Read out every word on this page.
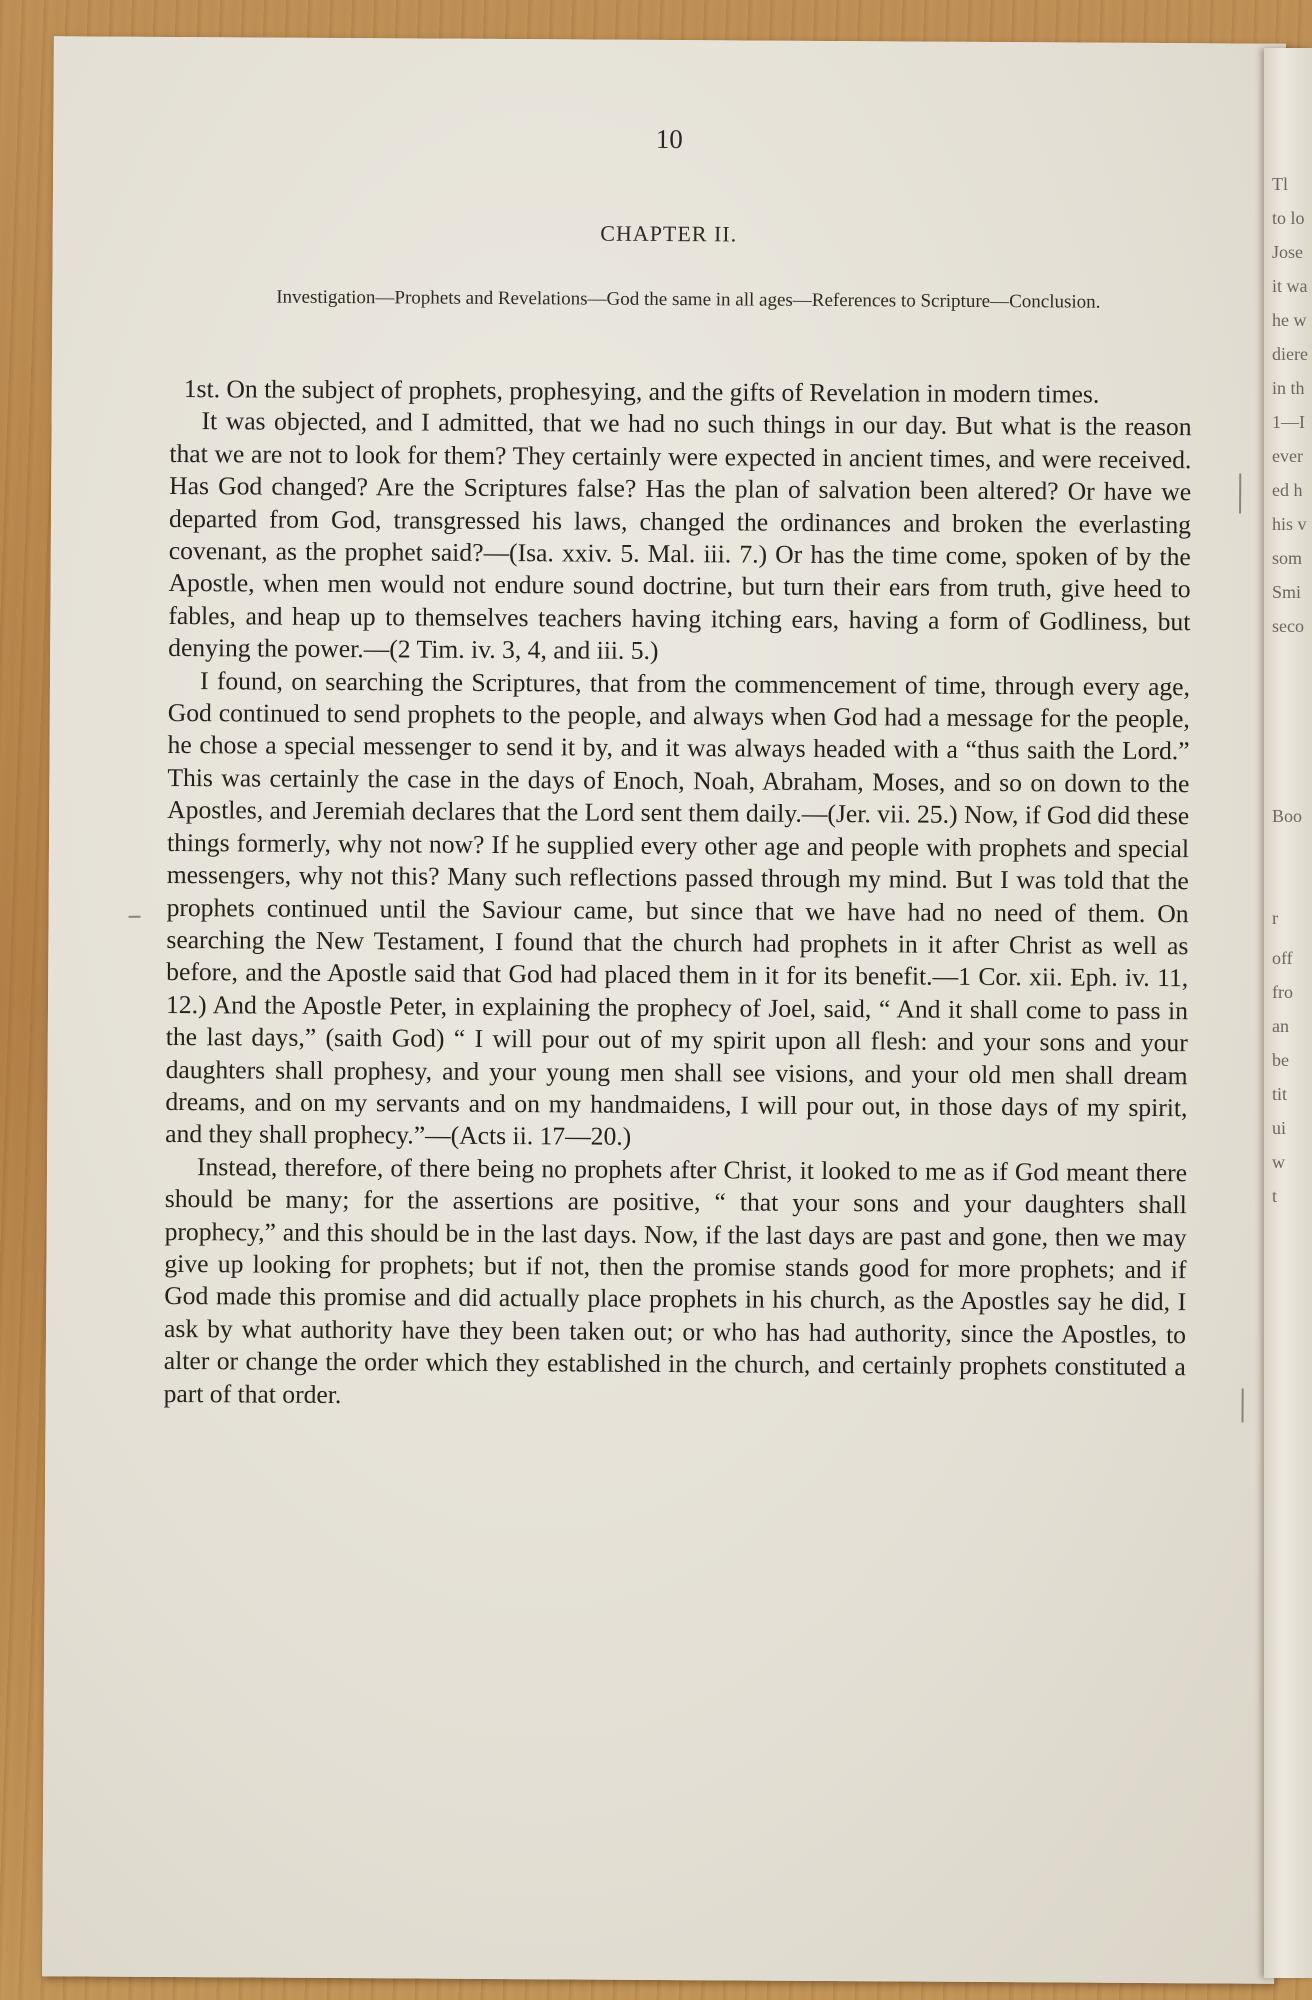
10
CHAPTER II.
Investigation—Prophets and Revelations—God the same in all ages—References to Scripture—Conclusion.

1st. On the subject of prophets, prophesying, and the gifts of Revelation in modern times.

It was objected, and I admitted, that we had no such things in our day. But what is the reason that we are not to look for them? They certainly were expected in ancient times, and were received. Has God changed? Are the Scriptures false? Has the plan of salvation been altered? Or have we departed from God, transgressed his laws, changed the ordinances and broken the everlasting covenant, as the prophet said?—(Isa. xxiv. 5. Mal. iii. 7.) Or has the time come, spoken of by the Apostle, when men would not endure sound doctrine, but turn their ears from truth, give heed to fables, and heap up to themselves teachers having itching ears, having a form of Godliness, but denying the power.—(2 Tim. iv. 3, 4, and iii. 5.)

I found, on searching the Scriptures, that from the commencement of time, through every age, God continued to send prophets to the people, and always when God had a message for the people, he chose a special messenger to send it by, and it was always headed with a “thus saith the Lord.” This was certainly the case in the days of Enoch, Noah, Abraham, Moses, and so on down to the Apostles, and Jeremiah declares that the Lord sent them daily.—(Jer. vii. 25.) Now, if God did these things formerly, why not now? If he supplied every other age and people with prophets and special messengers, why not this? Many such reflections passed through my mind. But I was told that the prophets continued until the Saviour came, but since that we have had no need of them. On searching the New Testament, I found that the church had prophets in it after Christ as well as before, and the Apostle said that God had placed them in it for its benefit.—1 Cor. xii. Eph. iv. 11, 12.) And the Apostle Peter, in explaining the prophecy of Joel, said, “ And it shall come to pass in the last days,” (saith God) “ I will pour out of my spirit upon all flesh: and your sons and your daughters shall prophesy, and your young men shall see visions, and your old men shall dream dreams, and on my servants and on my handmaidens, I will pour out, in those days of my spirit, and they shall prophecy.”—(Acts ii. 17—20.)

Instead, therefore, of there being no prophets after Christ, it looked to me as if God meant there should be many; for the assertions are positive, “ that your sons and your daughters shall prophecy,” and this should be in the last days. Now, if the last days are past and gone, then we may give up looking for prophets; but if not, then the promise stands good for more prophets; and if God made this promise and did actually place prophets in his church, as the Apostles say he did, I ask by what authority have they been taken out; or who has had authority, since the Apostles, to alter or change the order which they established in the church, and certainly prophets constituted a part of that order.

Tl
to lo
Jose
it wa
he w
diere
in th
1—I
ever
ed h
his v
som
Smi
seco
Boo
r
off
fro
an
be
tit
ui
w
t
